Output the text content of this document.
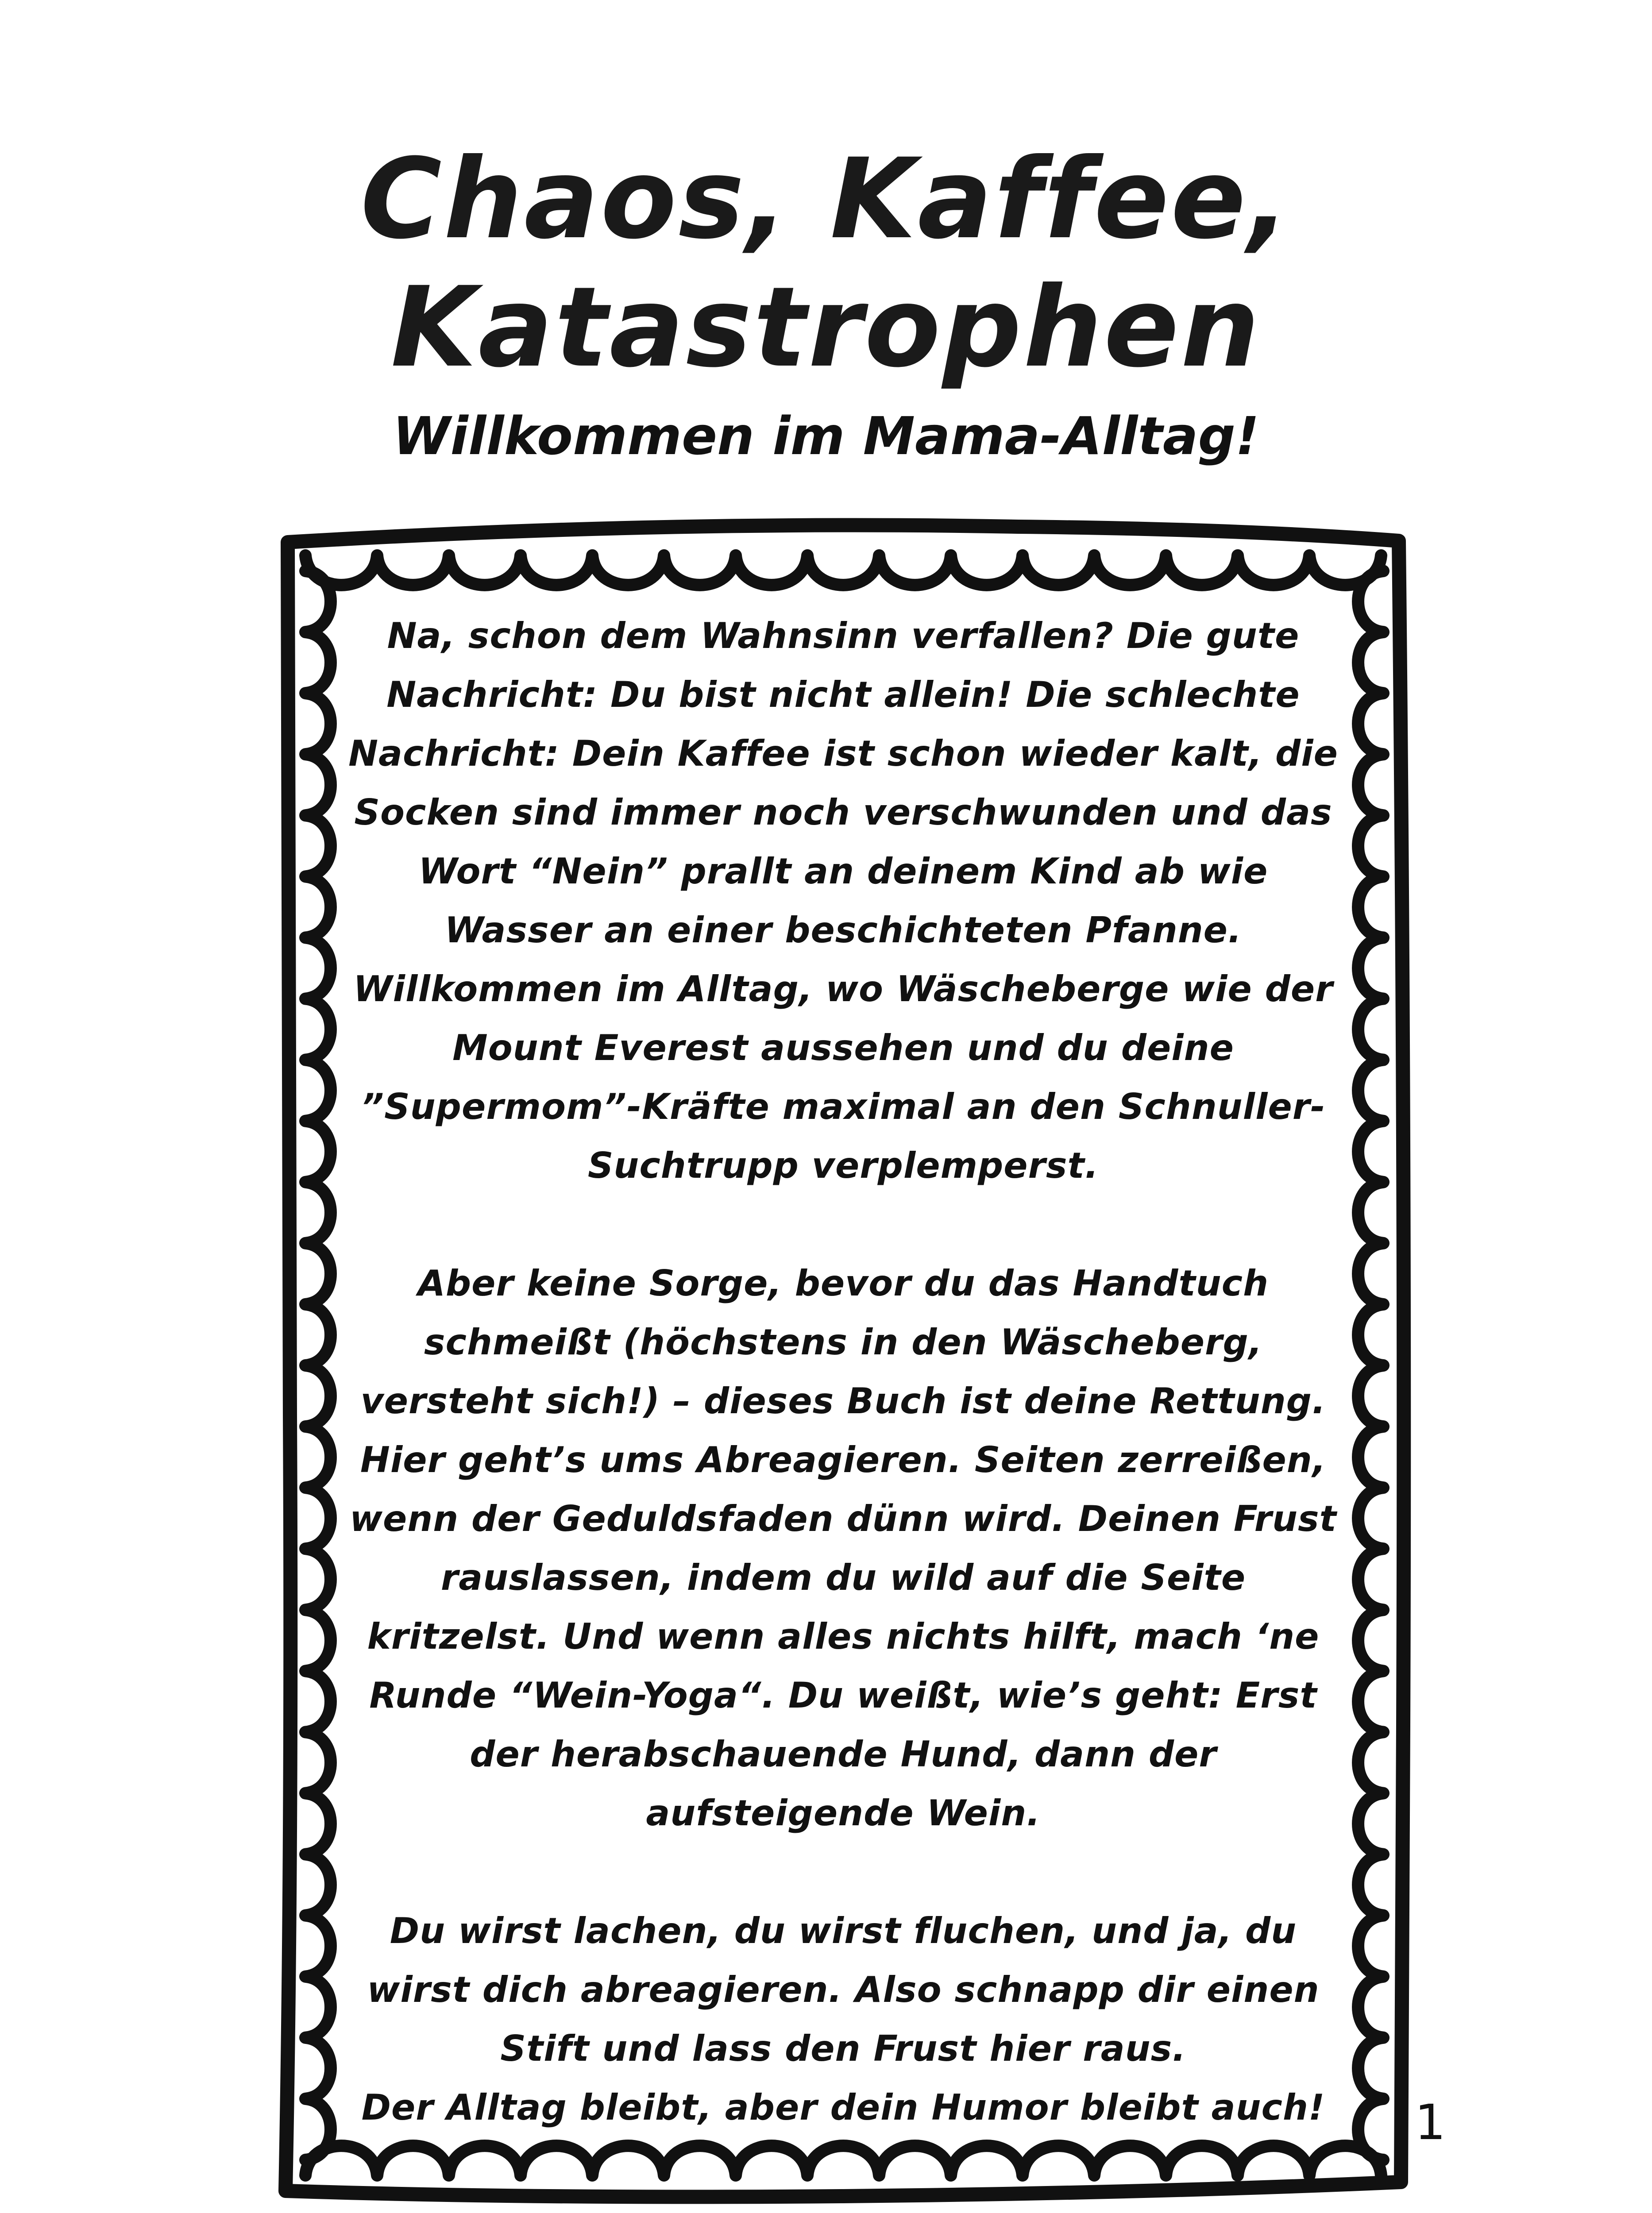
Chaos, Kaffee,
Katastrophen
Willkommen im Mama-Alltag!

Na, schon dem Wahnsinn verfallen? Die gute Nachricht: Du bist nicht allein! Die schlechte Nachricht: Dein Kaffee ist schon wieder kalt, die Socken sind immer noch verschwunden und das Wort “Nein” prallt an deinem Kind ab wie Wasser an einer beschichteten Pfanne. Willkommen im Alltag, wo Wäscheberge wie der Mount Everest aussehen und du deine ”Supermom”-Kräfte maximal an den Schnuller-Suchtrupp verplemperst.

Aber keine Sorge, bevor du das Handtuch schmeißt (höchstens in den Wäscheberg, versteht sich!) – dieses Buch ist deine Rettung. Hier geht’s ums Abreagieren. Seiten zerreißen, wenn der Geduldsfaden dünn wird. Deinen Frust rauslassen, indem du wild auf die Seite kritzelst. Und wenn alles nichts hilft, mach ‘ne Runde “Wein-Yoga“. Du weißt, wie’s geht: Erst der herabschauende Hund, dann der aufsteigende Wein.

Du wirst lachen, du wirst fluchen, und ja, du wirst dich abreagieren. Also schnapp dir einen Stift und lass den Frust hier raus.

Der Alltag bleibt, aber dein Humor bleibt auch!	1
